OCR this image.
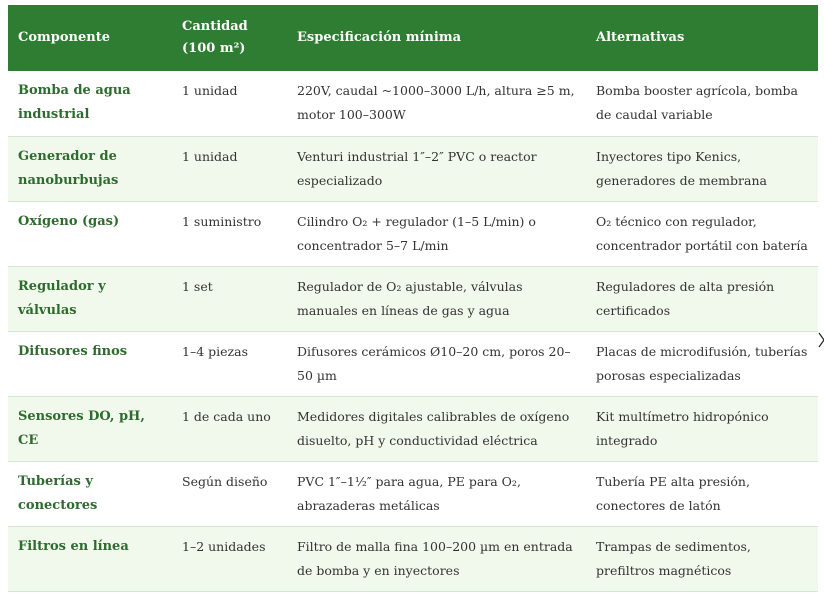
Componente	Cantidad (100 m²)	Especificación mínima	Alternativas
Bomba de agua industrial	1 unidad	220V, caudal ~1000–3000 L/h, altura ≥5 m, motor 100–300W	Bomba booster agrícola, bomba de caudal variable
Generador de nanoburbujas	1 unidad	Venturi industrial 1″–2″ PVC o reactor especializado	Inyectores tipo Kenics, generadores de membrana
Oxígeno (gas)	1 suministro	Cilindro O₂ + regulador (1–5 L/min) o concentrador 5–7 L/min	O₂ técnico con regulador, concentrador portátil con batería
Regulador y válvulas	1 set	Regulador de O₂ ajustable, válvulas manuales en líneas de gas y agua	Reguladores de alta presión certificados
Difusores finos	1–4 piezas	Difusores cerámicos Ø10–20 cm, poros 20–50 µm	Placas de microdifusión, tuberías porosas especializadas
Sensores DO, pH, CE	1 de cada uno	Medidores digitales calibrables de oxígeno disuelto, pH y conductividad eléctrica	Kit multímetro hidropónico integrado
Tuberías y conectores	Según diseño	PVC 1″–1½″ para agua, PE para O₂, abrazaderas metálicas	Tubería PE alta presión, conectores de latón
Filtros en línea	1–2 unidades	Filtro de malla fina 100–200 µm en entrada de bomba y en inyectores	Trampas de sedimentos, prefiltros magnéticos
